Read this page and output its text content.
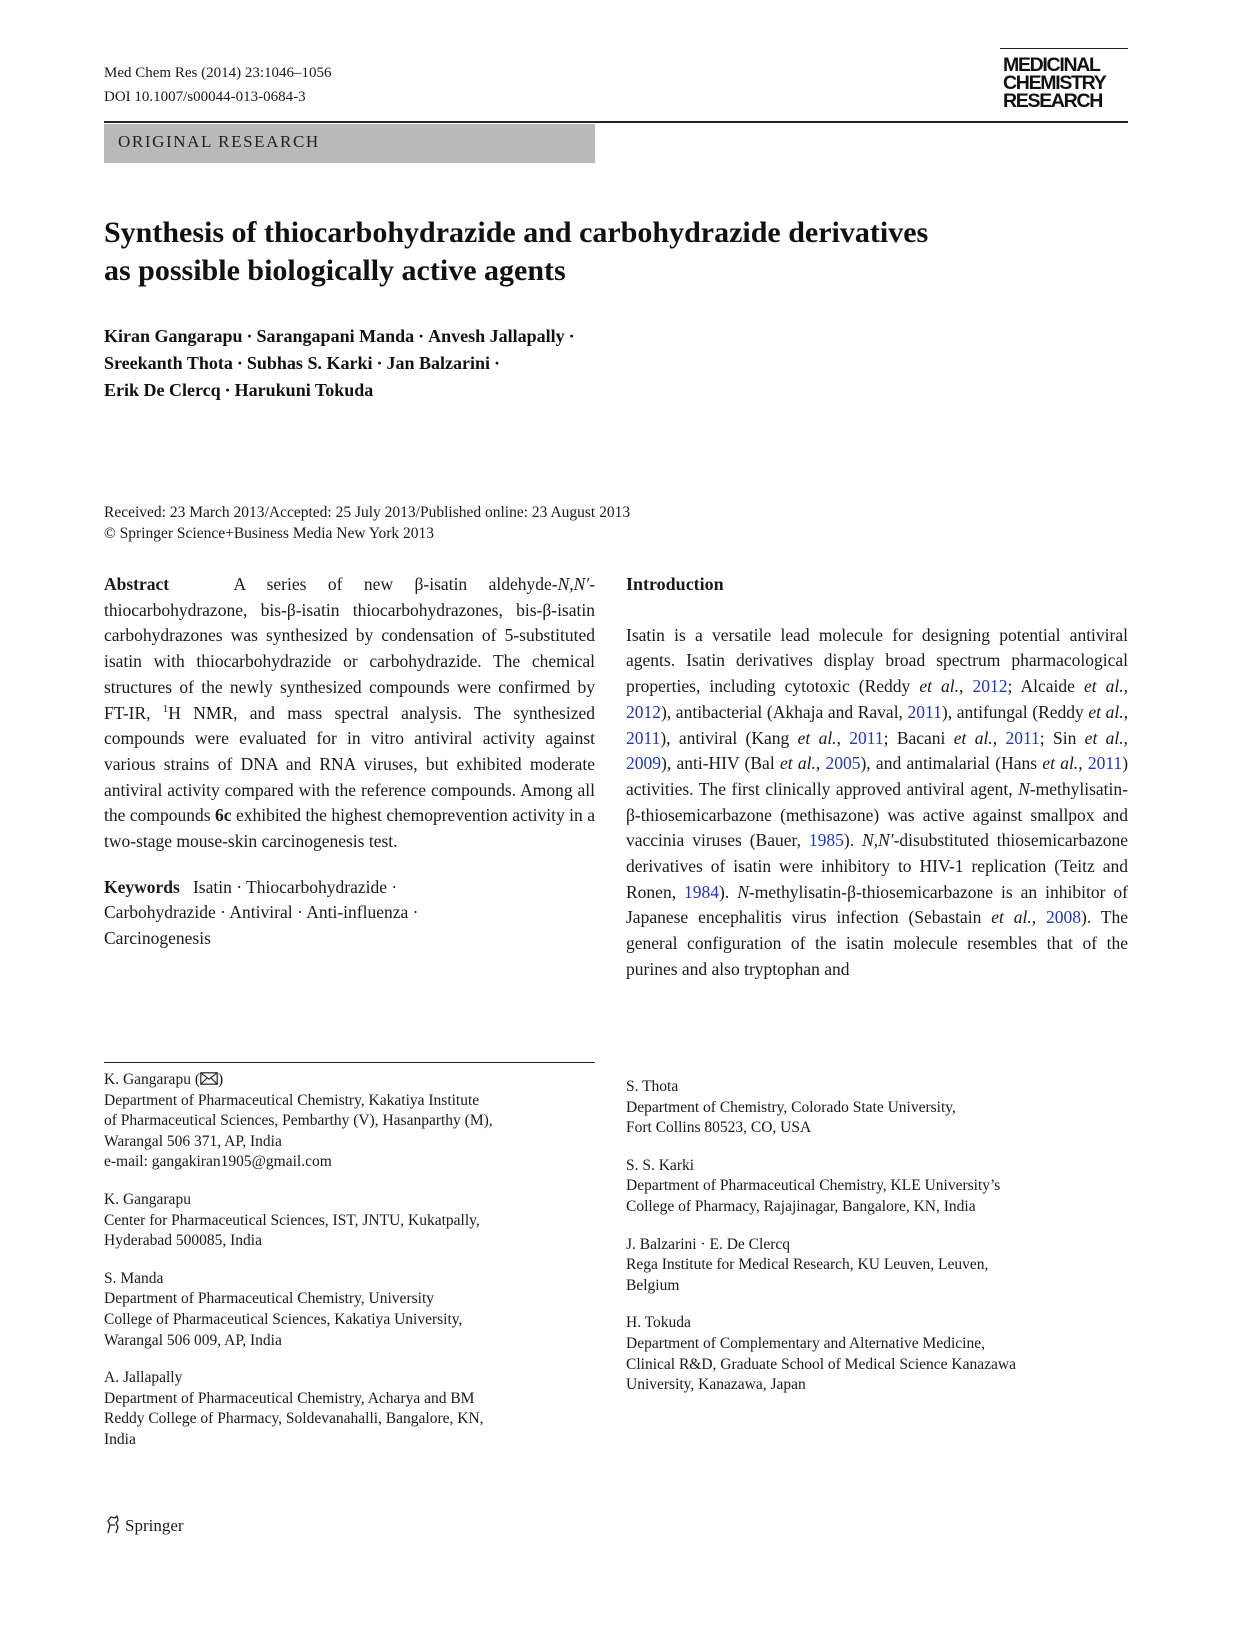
Med Chem Res (2014) 23:1046–1056
DOI 10.1007/s00044-013-0684-3
MEDICINAL
CHEMISTRY
RESEARCH
ORIGINAL RESEARCH
Synthesis of thiocarbohydrazide and carbohydrazide derivatives
as possible biologically active agents
Kiran Gangarapu · Sarangapani Manda · Anvesh Jallapally ·
Sreekanth Thota · Subhas S. Karki · Jan Balzarini ·
Erik De Clercq · Harukuni Tokuda
Received: 23 March 2013/Accepted: 25 July 2013/Published online: 23 August 2013
© Springer Science+Business Media New York 2013

Abstract	A series of new β-isatin aldehyde-N,N′-thiocarbohydrazone, bis-β-isatin thiocarbohydrazones, bis-β-isatin carbohydrazones was synthesized by condensation of 5-substituted isatin with thiocarbohydrazide or carbohydrazide. The chemical structures of the newly synthesized compounds were confirmed by FT-IR, $^1$H NMR, and mass spectral analysis. The synthesized compounds were evaluated for in vitro antiviral activity against various strains of DNA and RNA viruses, but exhibited moderate antiviral activity compared with the reference compounds. Among all the compounds 6c exhibited the highest chemoprevention activity in a two-stage mouse-skin carcinogenesis test.

Keywords Isatin · Thiocarbohydrazide ·
Carbohydrazide · Antiviral · Anti-influenza ·
Carcinogenesis

Introduction

Isatin is a versatile lead molecule for designing potential antiviral agents. Isatin derivatives display broad spectrum pharmacological properties, including cytotoxic (Reddy et al., 2012; Alcaide et al., 2012), antibacterial (Akhaja and Raval, 2011), antifungal (Reddy et al., 2011), antiviral (Kang et al., 2011; Bacani et al., 2011; Sin et al., 2009), anti-HIV (Bal et al., 2005), and antimalarial (Hans et al., 2011) activities. The first clinically approved antiviral agent, N-methylisatin-β-thiosemicarbazone (methisazone) was active against smallpox and vaccinia viruses (Bauer, 1985). N,N′-disubstituted thiosemicarbazone derivatives of isatin were inhibitory to HIV-1 replication (Teitz and Ronen, 1984). N-methylisatin-β-thiosemicarbazone is an inhibitor of Japanese encephalitis virus infection (Sebastain et al., 2008). The general configuration of the isatin molecule resembles that of the purines and also tryptophan and

K. Gangarapu ( )
Department of Pharmaceutical Chemistry, Kakatiya Institute
of Pharmaceutical Sciences, Pembarthy (V), Hasanparthy (M),
Warangal 506 371, AP, India
e-mail: gangakiran1905@gmail.com
K. Gangarapu
Center for Pharmaceutical Sciences, IST, JNTU, Kukatpally,
Hyderabad 500085, India
S. Manda
Department of Pharmaceutical Chemistry, University
College of Pharmaceutical Sciences, Kakatiya University,
Warangal 506 009, AP, India
A. Jallapally
Department of Pharmaceutical Chemistry, Acharya and BM
Reddy College of Pharmacy, Soldevanahalli, Bangalore, KN,
India
S. Thota
Department of Chemistry, Colorado State University,
Fort Collins 80523, CO, USA
S. S. Karki
Department of Pharmaceutical Chemistry, KLE University’s
College of Pharmacy, Rajajinagar, Bangalore, KN, India
J. Balzarini · E. De Clercq
Rega Institute for Medical Research, KU Leuven, Leuven,
Belgium
H. Tokuda
Department of Complementary and Alternative Medicine,
Clinical R&D, Graduate School of Medical Science Kanazawa
University, Kanazawa, Japan
Springer
